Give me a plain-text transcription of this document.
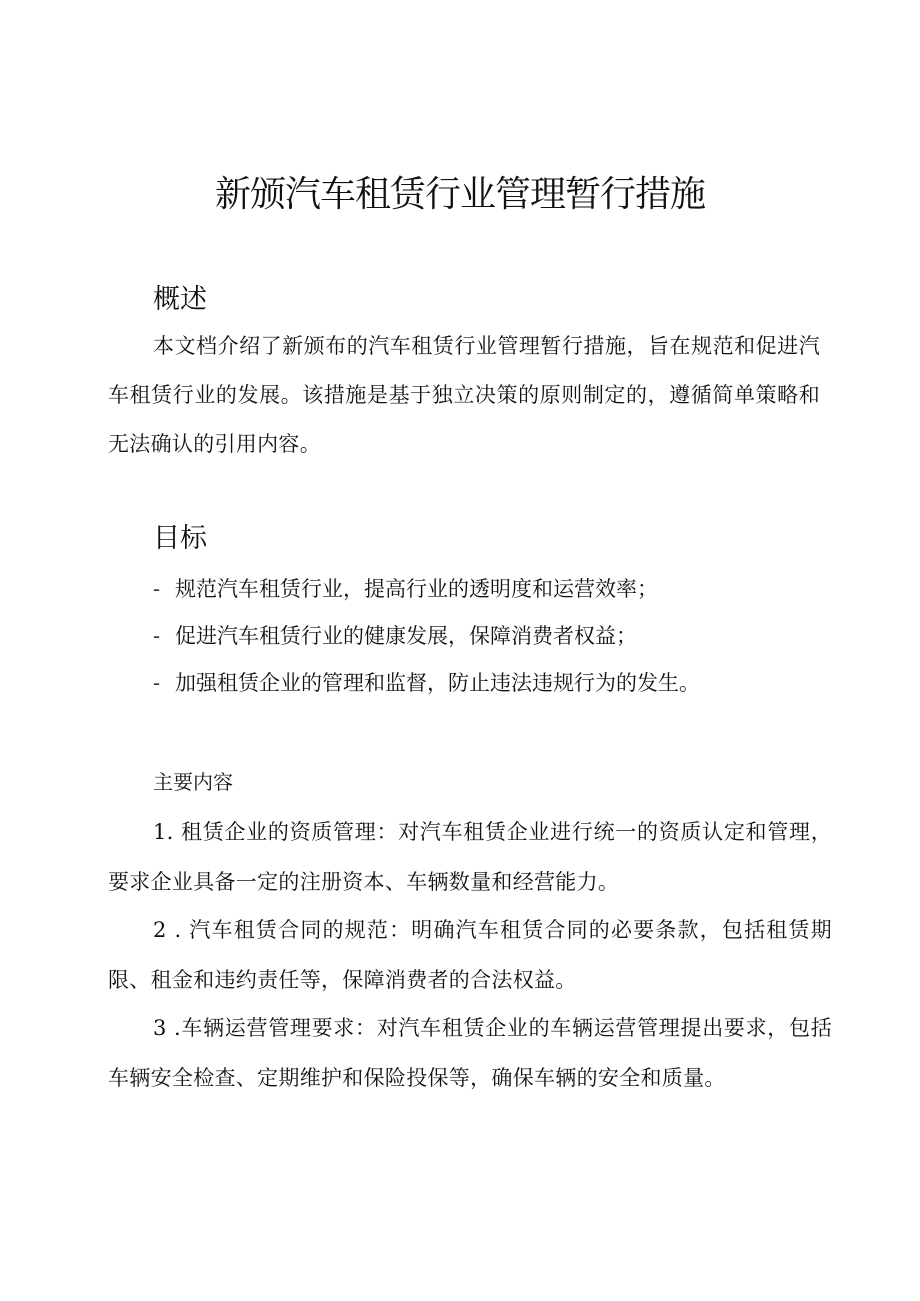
新颁汽车租赁行业管理暂行措施
概述

本文档介绍了新颁布的汽车租赁行业管理暂行措施，旨在规范和促进汽车租赁行业的发展。该措施是基于独立决策的原则制定的，遵循简单策略和无法确认的引用内容。

目标
- 规范汽车租赁行业，提高行业的透明度和运营效率；
- 促进汽车租赁行业的健康发展，保障消费者权益；
- 加强租赁企业的管理和监督，防止违法违规行为的发生。
主要内容

1. 租赁企业的资质管理：对汽车租赁企业进行统一的资质认定和管理，要求企业具备一定的注册资本、车辆数量和经营能力。

2 . 汽车租赁合同的规范：明确汽车租赁合同的必要条款，包括租赁期限、租金和违约责任等，保障消费者的合法权益。

3 .车辆运营管理要求：对汽车租赁企业的车辆运营管理提出要求，包括车辆安全检查、定期维护和保险投保等，确保车辆的安全和质量。
